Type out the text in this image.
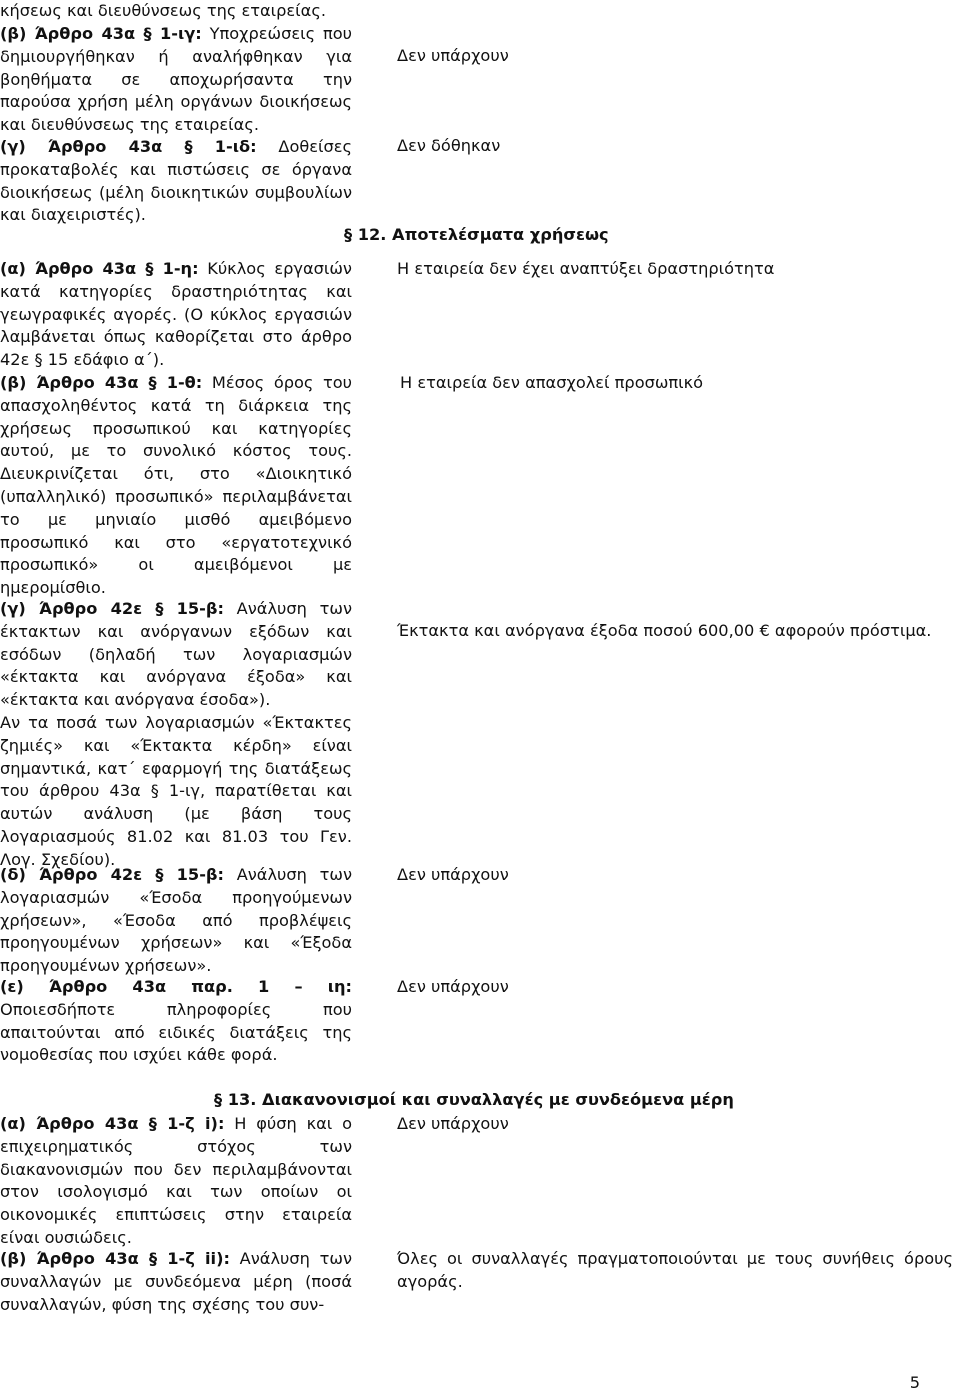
κήσεως και διευθύνσεως της εταιρείας.

(β) Άρθρο 43α § 1-ιγ: Υποχρεώσεις που δημιουργήθηκαν ή αναλήφθηκαν για βοηθήματα σε αποχωρήσαντα την παρούσα χρήση μέλη οργάνων διοικήσεως και διευθύνσεως της εταιρείας.

(γ) Άρθρο 43α § 1-ιδ: Δοθείσες προκαταβολές και πιστώσεις σε όργανα διοικήσεως (μέλη διοικητικών συμβουλίων και διαχειριστές).

(α) Άρθρο 43α § 1-η: Κύκλος εργασιών κατά κατηγορίες δραστηριότητας και γεωγραφικές αγορές. (Ο κύκλος εργασιών λαμβάνεται όπως καθορίζεται στο άρθρο 42ε § 15 εδάφιο α΄).

(β) Άρθρο 43α § 1-θ: Μέσος όρος του απασχοληθέντος κατά τη διάρκεια της χρήσεως προσωπικού και κατηγορίες αυτού, με το συνολικό κόστος τους. Διευκρινίζεται ότι, στο «Διοικητικό (υπαλληλικό) προσωπικό» περιλαμβάνεται το με μηνιαίο μισθό αμειβόμενο προσωπικό και στο «εργατοτεχνικό προσωπικό» οι αμειβόμενοι με ημερομίσθιο.

(γ) Άρθρο 42ε § 15-β: Ανάλυση των έκτακτων και ανόργανων εξόδων και εσόδων (δηλαδή των λογαριασμών «έκτακτα και ανόργανα έξοδα» και «έκτακτα και ανόργανα έσοδα»).

Αν τα ποσά των λογαριασμών «Έκτακτες ζημιές» και «Έκτακτα κέρδη» είναι σημαντικά, κατ΄ εφαρμογή της διατάξεως του άρθρου 43α § 1-ιγ, παρατίθεται και αυτών ανάλυση (με βάση τους λογαριασμούς 81.02 και 81.03 του Γεν. Λογ. Σχεδίου).

(δ) Άρθρο 42ε § 15-β: Ανάλυση των λογαριασμών «Έσοδα προηγούμενων χρήσεων», «Έσοδα από προβλέψεις προηγουμένων χρήσεων» και «Έξοδα προηγουμένων χρήσεων».

(ε) Άρθρο 43α παρ. 1 – ιη: Οποιεσδήποτε πληροφορίες που απαιτούνται από ειδικές διατάξεις της νομοθεσίας που ισχύει κάθε φορά.

(α) Άρθρο 43α § 1-ζ i): Η φύση και ο επιχειρηματικός στόχος των διακανονισμών που δεν περιλαμβάνονται στον ισολογισμό και των οποίων οι οικονομικές επιπτώσεις στην εταιρεία είναι ουσιώδεις.

(β) Άρθρο 43α § 1-ζ ii): Ανάλυση των συναλλαγών με συνδεόμενα μέρη (ποσά συναλλαγών, φύση της σχέσης του συν-

§ 12. Αποτελέσματα χρήσεως
§ 13. Διακανονισμοί και συναλλαγές με συνδεόμενα μέρη
Δεν υπάρχουν
Δεν δόθηκαν
Η εταιρεία δεν έχει αναπτύξει δραστηριότητα
Η εταιρεία δεν απασχολεί προσωπικό
Έκτακτα και ανόργανα έξοδα ποσού 600,00 € αφορούν πρόστιμα.
Δεν υπάρχουν
Δεν υπάρχουν
Δεν υπάρχουν
Όλες οι συναλλαγές πραγματοποιούνται με τους συνήθεις όρους αγοράς.
5
